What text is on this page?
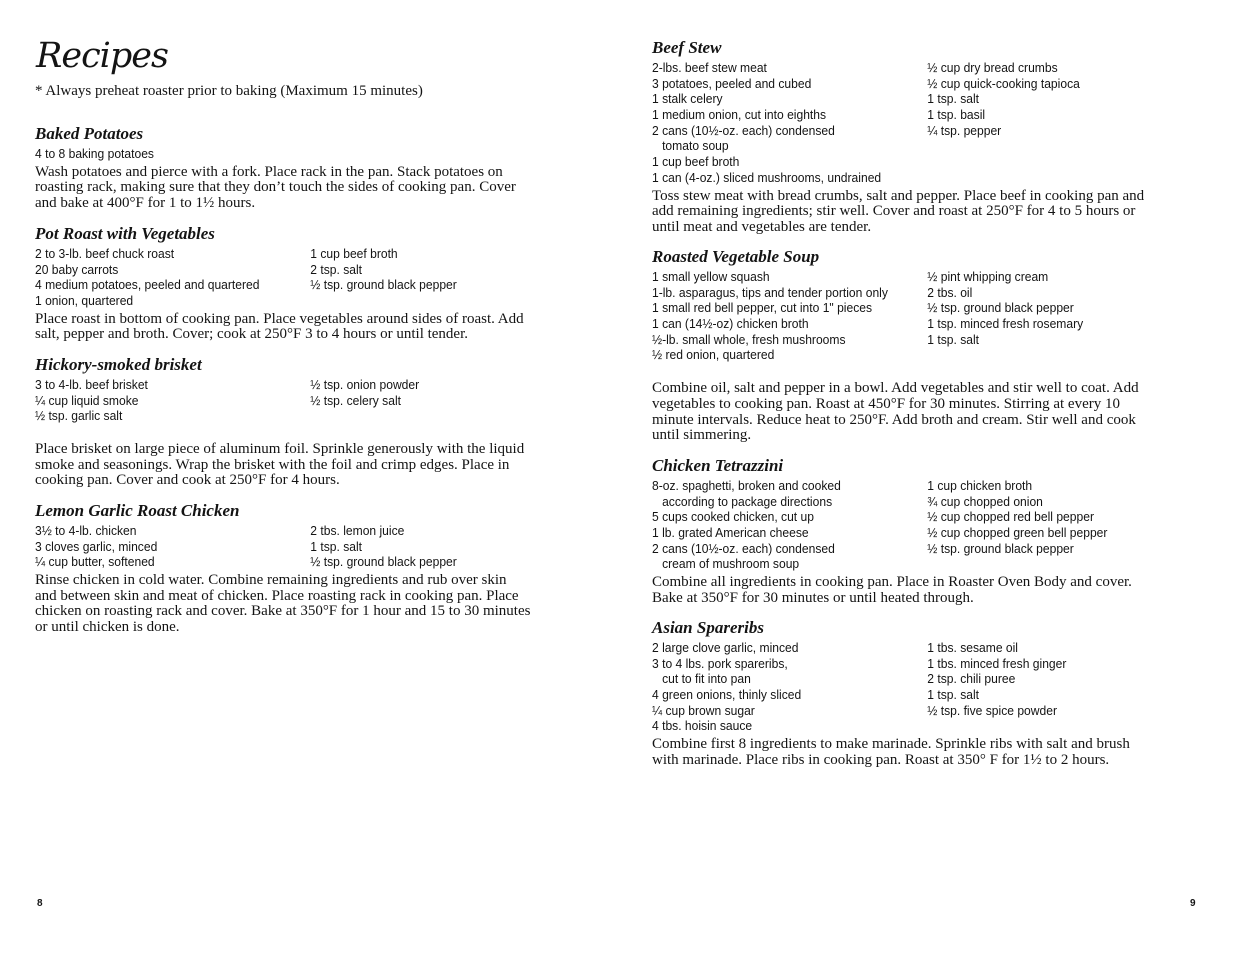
Recipes

* Always preheat roaster prior to baking (Maximum 15 minutes)

Baked Potatoes
4 to 8 baking potatoes

Wash potatoes and pierce with a fork. Place rack in the pan. Stack potatoes on
roasting rack, making sure that they don’t touch the sides of cooking pan. Cover
and bake at 400°F for 1 to 1½ hours.

Pot Roast with Vegetables
2 to 3-lb. beef chuck roast
20 baby carrots
4 medium potatoes, peeled and quartered
1 onion, quartered
1 cup beef broth
2 tsp. salt
½ tsp. ground black pepper

Place roast in bottom of cooking pan. Place vegetables around sides of roast. Add
salt, pepper and broth. Cover; cook at 250°F 3 to 4 hours or until tender.

Hickory-smoked brisket
3 to 4-lb. beef brisket
¼ cup liquid smoke
½ tsp. garlic salt
½ tsp. onion powder
½ tsp. celery salt

Place brisket on large piece of aluminum foil. Sprinkle generously with the liquid
smoke and seasonings. Wrap the brisket with the foil and crimp edges. Place in
cooking pan. Cover and cook at 250°F for 4 hours.

Lemon Garlic Roast Chicken
3½ to 4-lb. chicken
3 cloves garlic, minced
¼ cup butter, softened
2 tbs. lemon juice
1 tsp. salt
½ tsp. ground black pepper

Rinse chicken in cold water. Combine remaining ingredients and rub over skin
and between skin and meat of chicken. Place roasting rack in cooking pan. Place
chicken on roasting rack and cover. Bake at 350°F for 1 hour and 15 to 30 minutes
or until chicken is done.

Beef Stew
2-lbs. beef stew meat
3 potatoes, peeled and cubed
1 stalk celery
1 medium onion, cut into eighths
2 cans (10½-oz. each) condensed
tomato soup
1 cup beef broth
1 can (4-oz.) sliced mushrooms, undrained
½ cup dry bread crumbs
½ cup quick-cooking tapioca
1 tsp. salt
1 tsp. basil
¼ tsp. pepper

Toss stew meat with bread crumbs, salt and pepper. Place beef in cooking pan and
add remaining ingredients; stir well. Cover and roast at 250°F for 4 to 5 hours or
until meat and vegetables are tender.

Roasted Vegetable Soup
1 small yellow squash
1-lb. asparagus, tips and tender portion only
1 small red bell pepper, cut into 1" pieces
1 can (14½-oz) chicken broth
½-lb. small whole, fresh mushrooms
½ red onion, quartered
½ pint whipping cream
2 tbs. oil
½ tsp. ground black pepper
1 tsp. minced fresh rosemary
1 tsp. salt

Combine oil, salt and pepper in a bowl. Add vegetables and stir well to coat. Add
vegetables to cooking pan. Roast at 450°F for 30 minutes. Stirring at every 10
minute intervals. Reduce heat to 250°F. Add broth and cream. Stir well and cook
until simmering.

Chicken Tetrazzini
8-oz. spaghetti, broken and cooked
according to package directions
5 cups cooked chicken, cut up
1 lb. grated American cheese
2 cans (10½-oz. each) condensed
cream of mushroom soup
1 cup chicken broth
¾ cup chopped onion
½ cup chopped red bell pepper
½ cup chopped green bell pepper
½ tsp. ground black pepper

Combine all ingredients in cooking pan. Place in Roaster Oven Body and cover.
Bake at 350°F for 30 minutes or until heated through.

Asian Spareribs
2 large clove garlic, minced
3 to 4 lbs. pork spareribs,
cut to fit into pan
4 green onions, thinly sliced
¼ cup brown sugar
4 tbs. hoisin sauce
1 tbs. sesame oil
1 tbs. minced fresh ginger
2 tsp. chili puree
1 tsp. salt
½ tsp. five spice powder

Combine first 8 ingredients to make marinade. Sprinkle ribs with salt and brush
with marinade. Place ribs in cooking pan. Roast at 350° F for 1½ to 2 hours.

8	9
